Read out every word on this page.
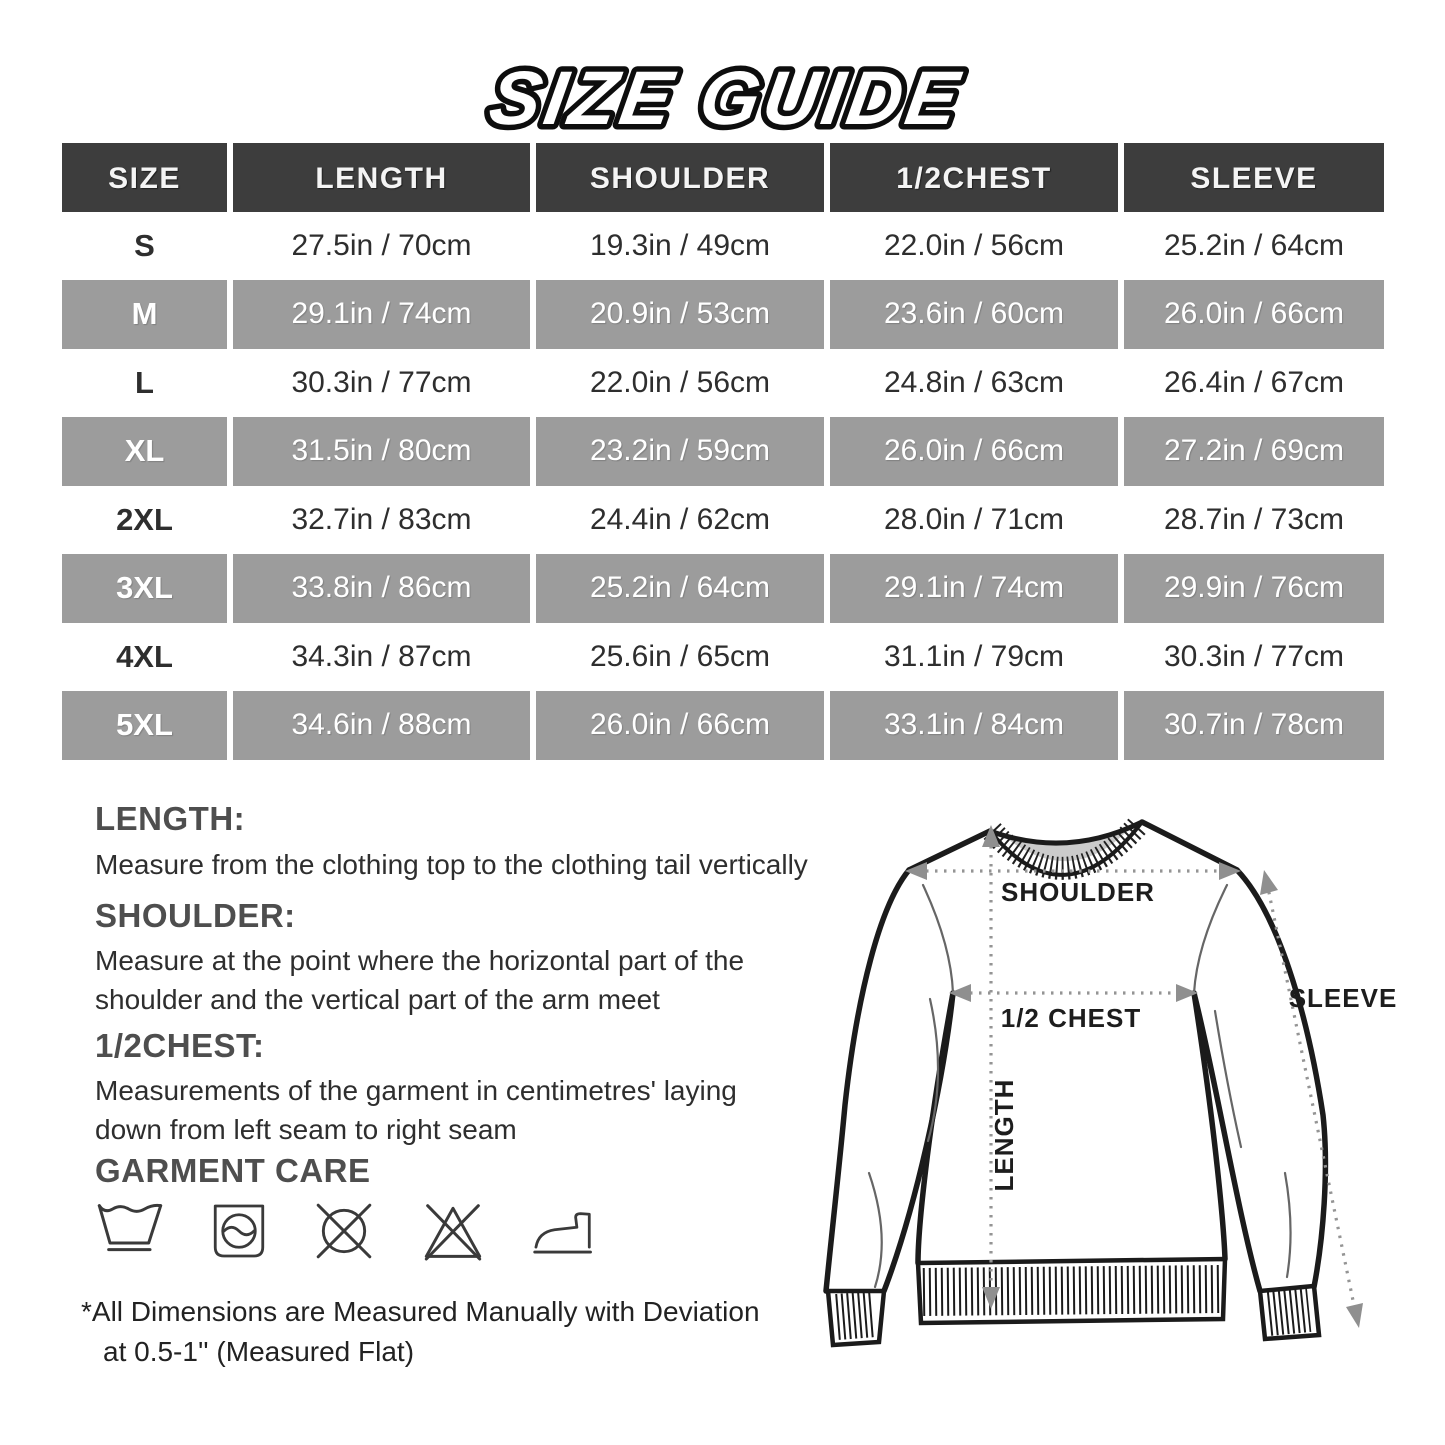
SIZE GUIDE
SIZE	LENGTH	SHOULDER	1/2CHEST	SLEEVE
S	27.5in / 70cm	19.3in / 49cm	22.0in / 56cm	25.2in / 64cm
M	29.1in / 74cm	20.9in / 53cm	23.6in / 60cm	26.0in / 66cm
L	30.3in / 77cm	22.0in / 56cm	24.8in / 63cm	26.4in / 67cm
XL	31.5in / 80cm	23.2in / 59cm	26.0in / 66cm	27.2in / 69cm
2XL	32.7in / 83cm	24.4in / 62cm	28.0in / 71cm	28.7in / 73cm
3XL	33.8in / 86cm	25.2in / 64cm	29.1in / 74cm	29.9in / 76cm
4XL	34.3in / 87cm	25.6in / 65cm	31.1in / 79cm	30.3in / 77cm
5XL	34.6in / 88cm	26.0in / 66cm	33.1in / 84cm	30.7in / 78cm
LENGTH:
Measure from the clothing top to the clothing tail vertically
SHOULDER:
Measure at the point where the horizontal part of the
shoulder and the vertical part of the arm meet
1/2CHEST:
Measurements of the garment in centimetres' laying
down from left seam to right seam
GARMENT CARE
*All Dimensions are Measured Manually with Deviation
at 0.5-1'' (Measured Flat)
SHOULDER
1/2 CHEST
SLEEVE
LENGTH
